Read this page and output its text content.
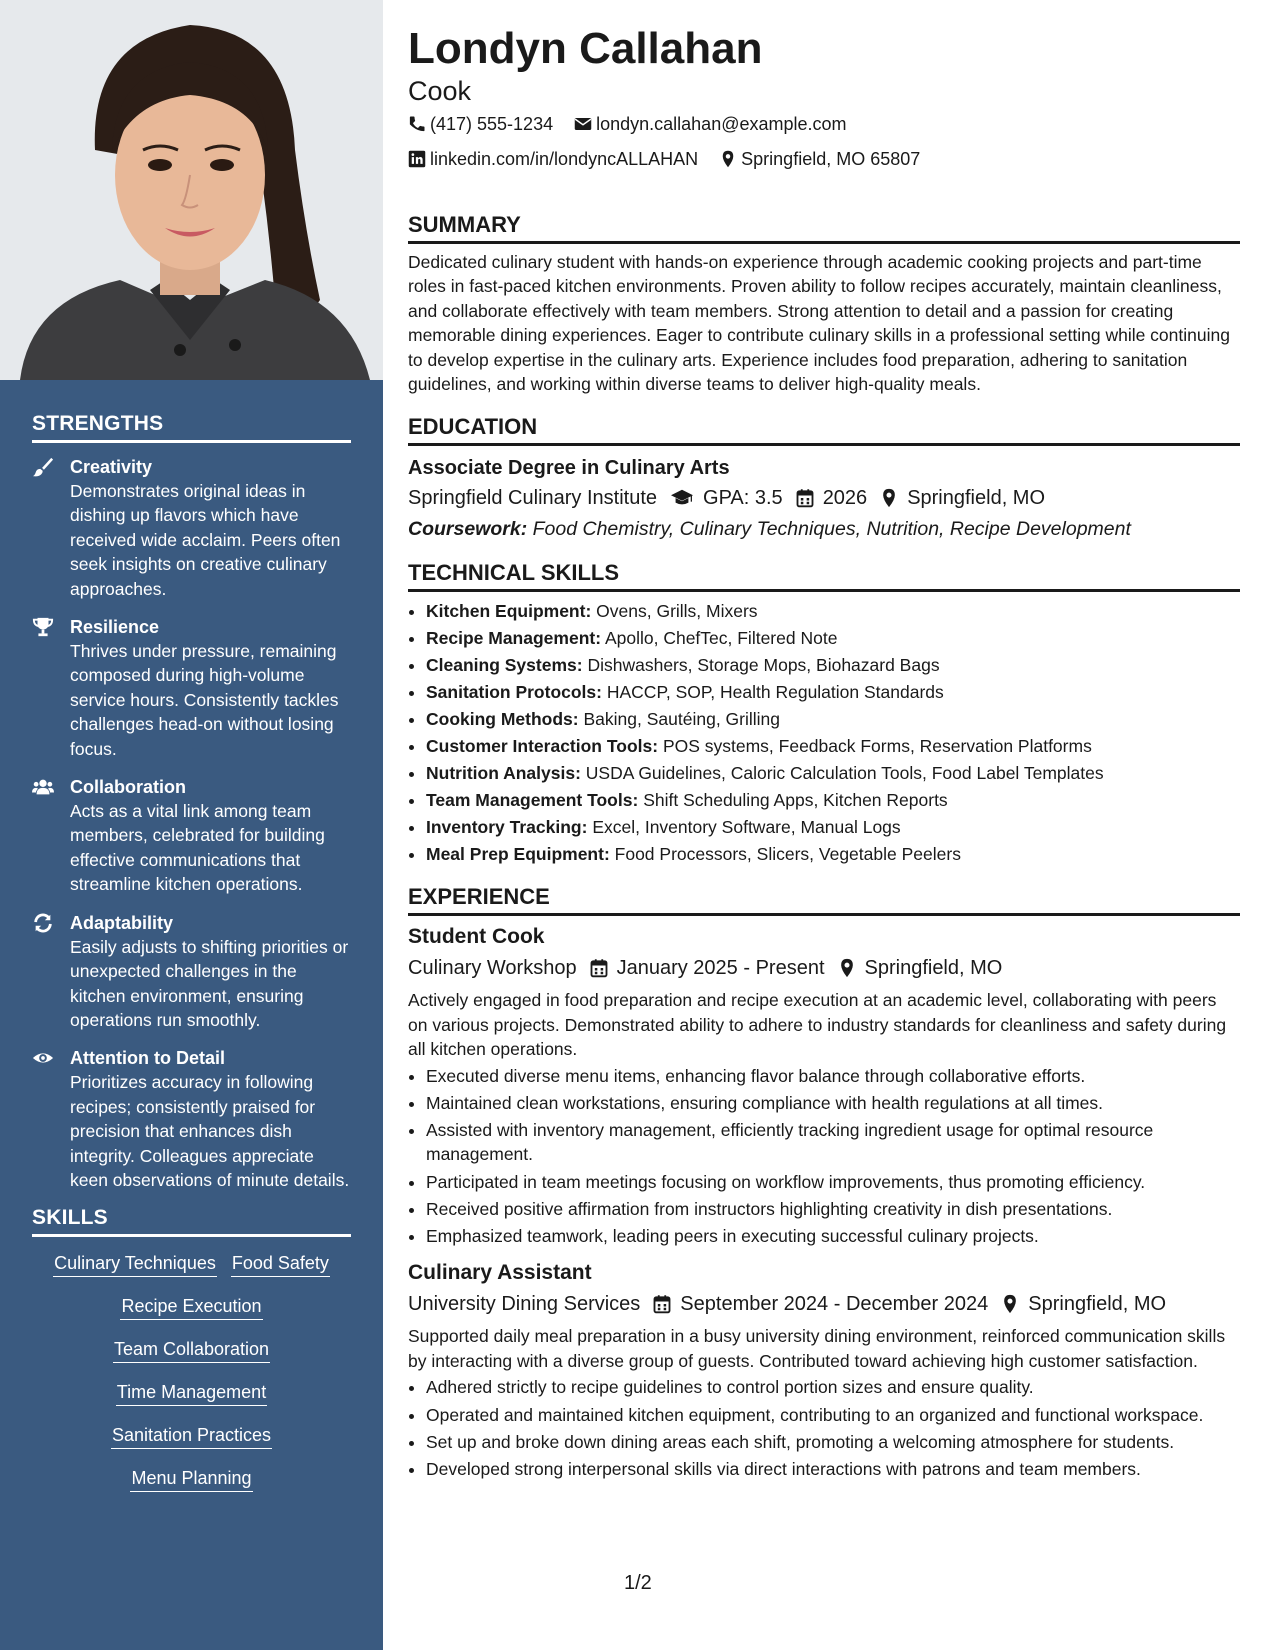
STRENGTHS
Creativity
Demonstrates original ideas in dishing up flavors which have received wide acclaim. Peers often seek insights on creative culinary approaches.
Resilience
Thrives under pressure, remaining composed during high-volume service hours. Consistently tackles challenges head-on without losing focus.
Collaboration
Acts as a vital link among team members, celebrated for building effective communications that streamline kitchen operations.
Adaptability
Easily adjusts to shifting priorities or unexpected challenges in the kitchen environment, ensuring operations run smoothly.
Attention to Detail
Prioritizes accuracy in following recipes; consistently praised for precision that enhances dish integrity. Colleagues appreciate keen observations of minute details.
SKILLS
Culinary Techniques Food Safety
Recipe Execution
Team Collaboration
Time Management
Sanitation Practices
Menu Planning
Londyn Callahan
Cook
(417) 555-1234
londyn.callahan@example.com
linkedin.com/in/londyncALLAHAN
Springfield, MO 65807
SUMMARY

Dedicated culinary student with hands-on experience through academic cooking projects and part-time roles in fast-paced kitchen environments. Proven ability to follow recipes accurately, maintain cleanliness, and collaborate effectively with team members. Strong attention to detail and a passion for creating memorable dining experiences. Eager to contribute culinary skills in a professional setting while continuing to develop expertise in the culinary arts. Experience includes food preparation, adhering to sanitation guidelines, and working within diverse teams to deliver high-quality meals.

EDUCATION
Associate Degree in Culinary Arts
Springfield Culinary Institute GPA: 3.5 2026 Springfield, MO
Coursework: Food Chemistry, Culinary Techniques, Nutrition, Recipe Development
TECHNICAL SKILLS
• Kitchen Equipment: Ovens, Grills, Mixers
• Recipe Management: Apollo, ChefTec, Filtered Note
• Cleaning Systems: Dishwashers, Storage Mops, Biohazard Bags
• Sanitation Protocols: HACCP, SOP, Health Regulation Standards
• Cooking Methods: Baking, Sautéing, Grilling
• Customer Interaction Tools: POS systems, Feedback Forms, Reservation Platforms
• Nutrition Analysis: USDA Guidelines, Caloric Calculation Tools, Food Label Templates
• Team Management Tools: Shift Scheduling Apps, Kitchen Reports
• Inventory Tracking: Excel, Inventory Software, Manual Logs
• Meal Prep Equipment: Food Processors, Slicers, Vegetable Peelers
EXPERIENCE
Student Cook
Culinary Workshop January 2025 - Present Springfield, MO

Actively engaged in food preparation and recipe execution at an academic level, collaborating with peers on various projects. Demonstrated ability to adhere to industry standards for cleanliness and safety during all kitchen operations.

• Executed diverse menu items, enhancing flavor balance through collaborative efforts.
• Maintained clean workstations, ensuring compliance with health regulations at all times.
• Assisted with inventory management, efficiently tracking ingredient usage for optimal resource management.
• Participated in team meetings focusing on workflow improvements, thus promoting efficiency.
• Received positive affirmation from instructors highlighting creativity in dish presentations.
• Emphasized teamwork, leading peers in executing successful culinary projects.
Culinary Assistant
University Dining Services September 2024 - December 2024 Springfield, MO

Supported daily meal preparation in a busy university dining environment, reinforced communication skills by interacting with a diverse group of guests. Contributed toward achieving high customer satisfaction.

• Adhered strictly to recipe guidelines to control portion sizes and ensure quality.
• Operated and maintained kitchen equipment, contributing to an organized and functional workspace.
• Set up and broke down dining areas each shift, promoting a welcoming atmosphere for students.
• Developed strong interpersonal skills via direct interactions with patrons and team members.
1/2
